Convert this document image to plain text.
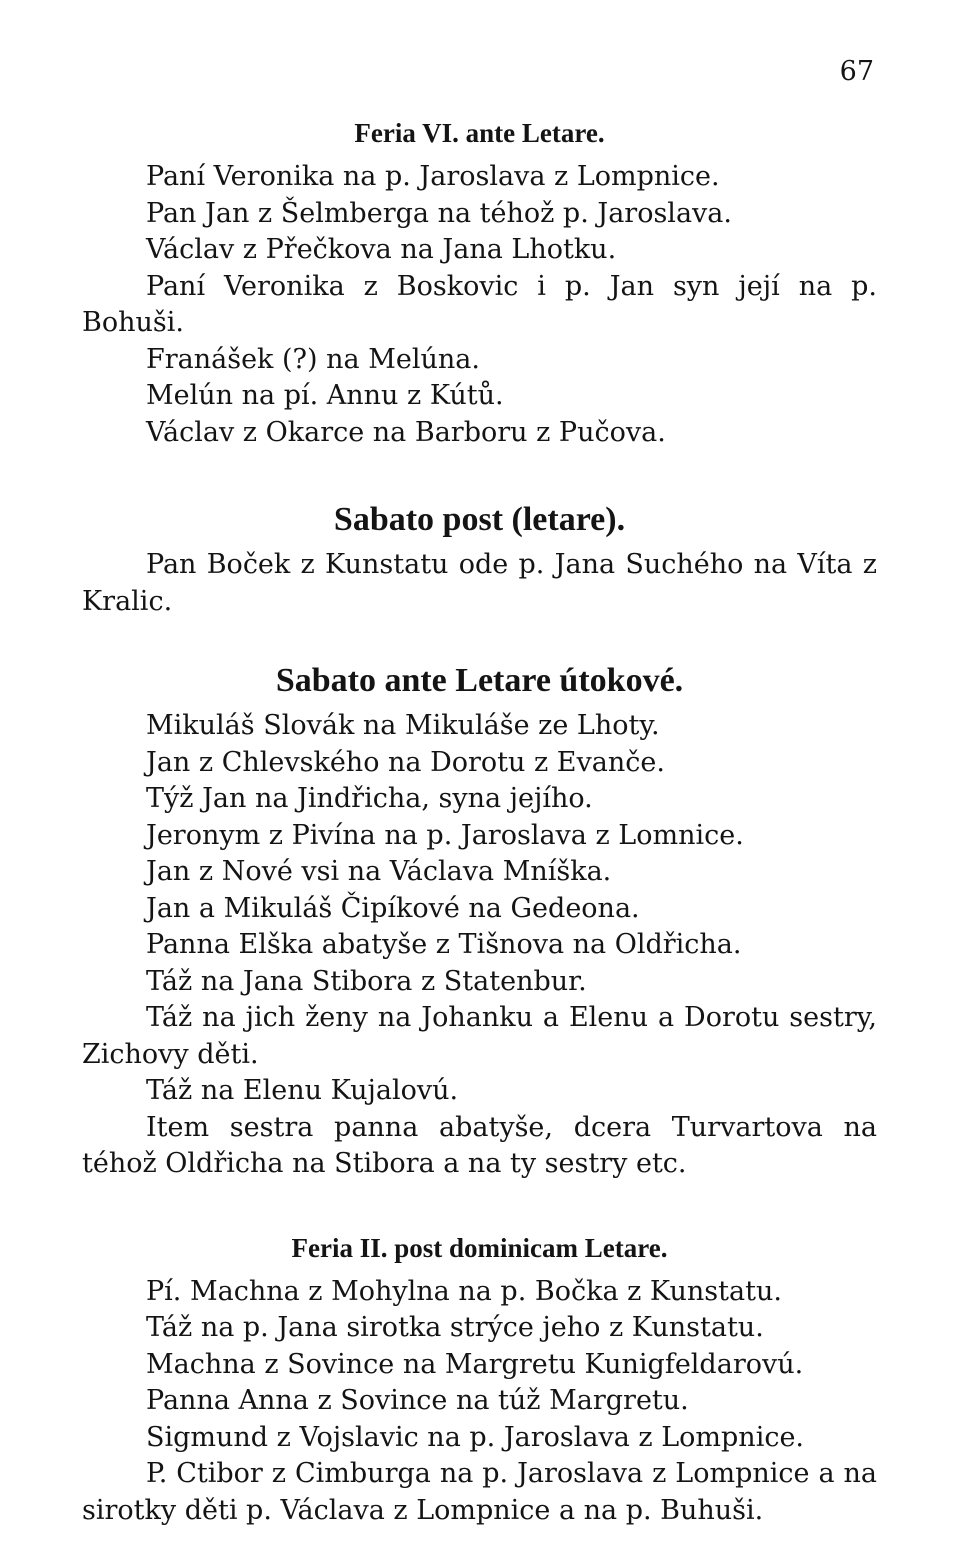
67
Feria VI. ante Letare.

Paní Veronika na p. Jaroslava z Lompnice.

Pan Jan z Šelmberga na téhož p. Jaroslava.

Václav z Přečkova na Jana Lhotku.

Paní Veronika z Boskovic i p. Jan syn její na p. Bohuši.

Franášek (?) na Melúna.

Melún na pí. Annu z Kútů.

Václav z Okarce na Barboru z Pučova.

Sabato post (letare).

Pan Boček z Kunstatu ode p. Jana Suchého na Víta z Kralic.

Sabato ante Letare útokové.

Mikuláš Slovák na Mikuláše ze Lhoty.

Jan z Chlevského na Dorotu z Evanče.

Týž Jan na Jindřicha, syna jejího.

Jeronym z Pivína na p. Jaroslava z Lomnice.

Jan z Nové vsi na Václava Mníška.

Jan a Mikuláš Čipíkové na Gedeona.

Panna Elška abatyše z Tišnova na Oldřicha.

Táž na Jana Stibora z Statenbur.

Táž na jich ženy na Johanku a Elenu a Dorotu sestry, Zichovy děti.

Táž na Elenu Kujalovú.

Item sestra panna abatyše, dcera Turvartova na téhož Oldřicha na Stibora a na ty sestry etc.

Feria II. post dominicam Letare.

Pí. Machna z Mohylna na p. Bočka z Kunstatu.

Táž na p. Jana sirotka strýce jeho z Kunstatu.

Machna z Sovince na Margretu Kunigfeldarovú.

Panna Anna z Sovince na túž Margretu.

Sigmund z Vojslavic na p. Jaroslava z Lompnice.

P. Ctibor z Cimburga na p. Jaroslava z Lompnice a na sirotky děti p. Václava z Lompnice a na p. Buhuši.
